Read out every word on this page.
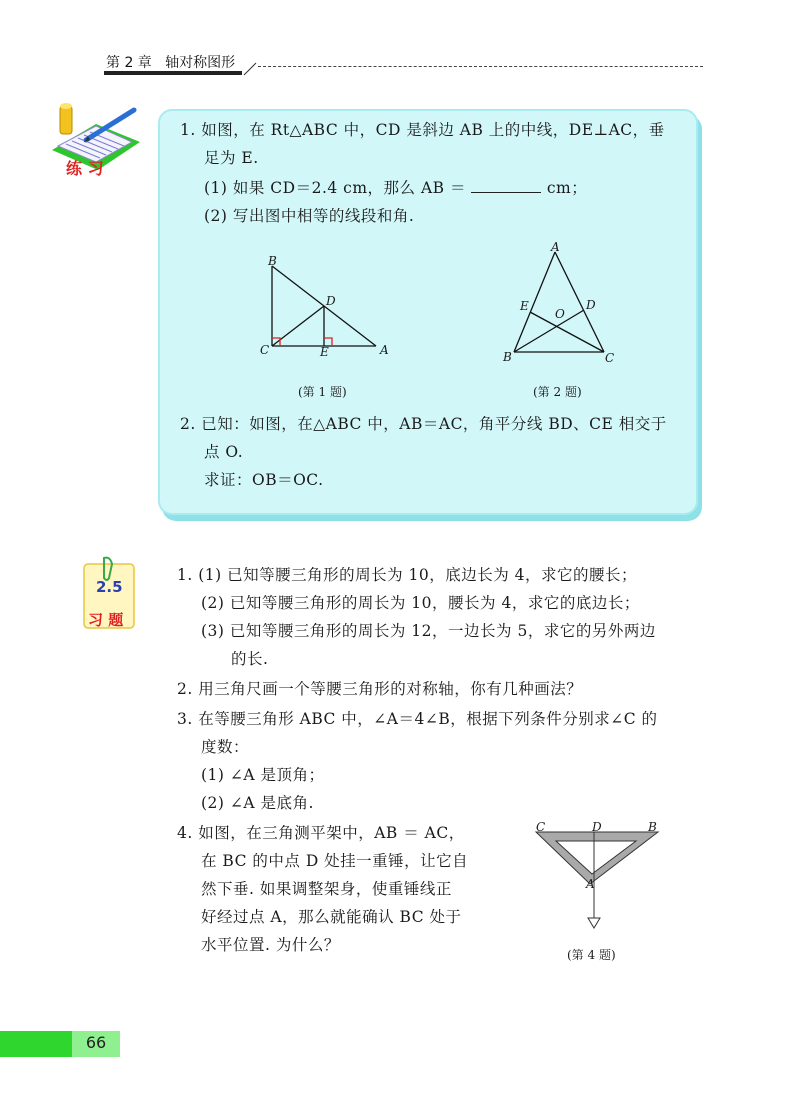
第 2 章 轴对称图形
练 习
1. 如图，在 Rt△ABC 中，CD 是斜边 AB 上的中线，DE⊥AC，垂
足为 E.
(1) 如果 CD＝2.4 cm，那么 AB ＝	cm；
(2) 写出图中相等的线段和角.
B
D
C	E	A
(第 1 题)
A
E
O
D
B	C
(第 2 题)
2. 已知：如图，在△ABC 中，AB＝AC，角平分线 BD、CE 相交于
点 O.
求证：OB＝OC.
2.5
习 题
1. (1) 已知等腰三角形的周长为 10，底边长为 4，求它的腰长；
(2) 已知等腰三角形的周长为 10，腰长为 4，求它的底边长；
(3) 已知等腰三角形的周长为 12，一边长为 5，求它的另外两边
的长.
2. 用三角尺画一个等腰三角形的对称轴，你有几种画法？
3. 在等腰三角形 ABC 中，∠A＝4∠B，根据下列条件分别求∠C 的
度数：
(1) ∠A 是顶角；
(2) ∠A 是底角.
4. 如图，在三角测平架中，AB ＝ AC，
在 BC 的中点 D 处挂一重锤，让它自
然下垂. 如果调整架身，使重锤线正
好经过点 A，那么就能确认 BC 处于
水平位置. 为什么？
C	D	B
A
(第 4 题)
66
